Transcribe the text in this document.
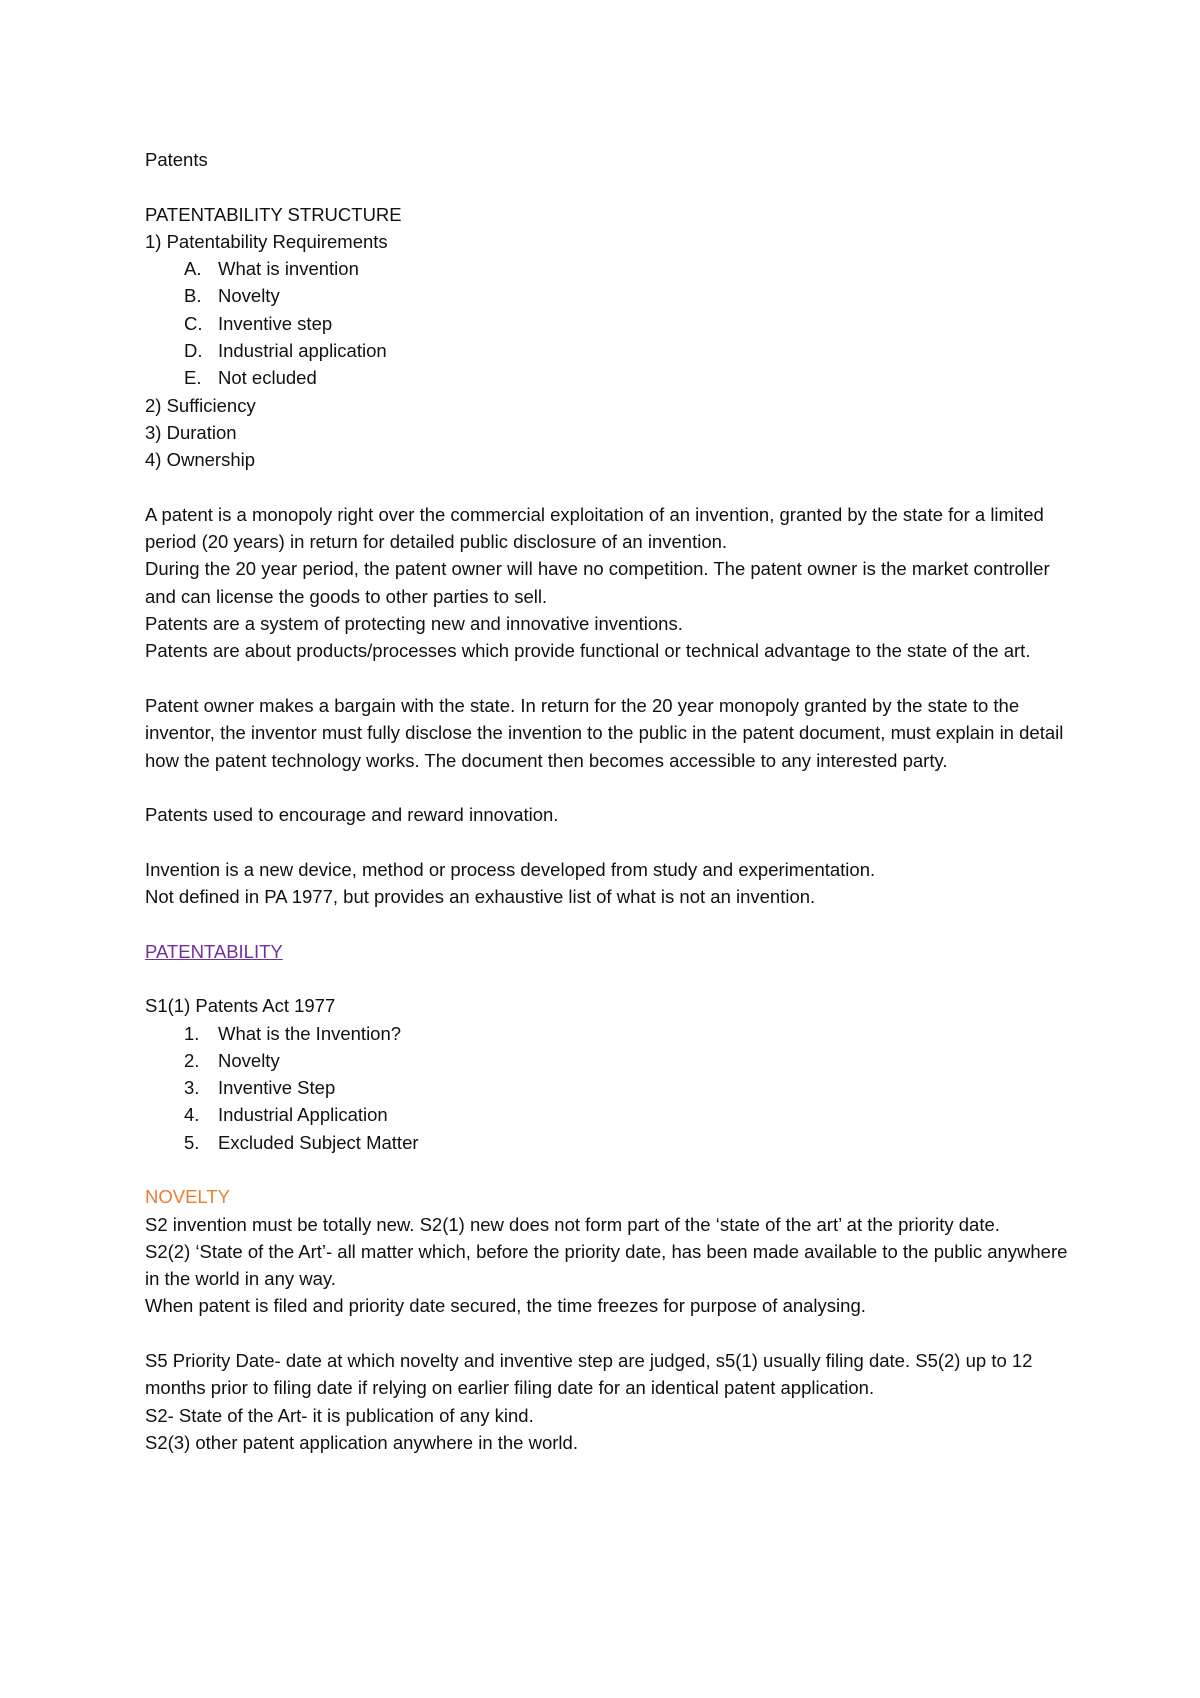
Patents

PATENTABILITY STRUCTURE

1) Patentability Requirements

A. What is invention
B. Novelty
C. Inventive step
D. Industrial application
E. Not ecluded

2) Sufficiency

3) Duration

4) Ownership

A patent is a monopoly right over the commercial exploitation of an invention, granted by the state for a limited period (20 years) in return for detailed public disclosure of an invention.

During the 20 year period, the patent owner will have no competition. The patent owner is the market controller and can license the goods to other parties to sell.

Patents are a system of protecting new and innovative inventions.

Patents are about products/processes which provide functional or technical advantage to the state of the art.

Patent owner makes a bargain with the state. In return for the 20 year monopoly granted by the state to the inventor, the inventor must fully disclose the invention to the public in the patent document, must explain in detail how the patent technology works. The document then becomes accessible to any interested party.

Patents used to encourage and reward innovation.

Invention is a new device, method or process developed from study and experimentation.

Not defined in PA 1977, but provides an exhaustive list of what is not an invention.

PATENTABILITY

S1(1) Patents Act 1977

1.	What is the Invention?
2.	Novelty
3.	Inventive Step
4.	Industrial Application
5.	Excluded Subject Matter

NOVELTY

S2 invention must be totally new. S2(1) new does not form part of the ‘state of the art’ at the priority date.

S2(2) ‘State of the Art’- all matter which, before the priority date, has been made available to the public anywhere in the world in any way.

When patent is filed and priority date secured, the time freezes for purpose of analysing.

S5 Priority Date- date at which novelty and inventive step are judged, s5(1) usually filing date. S5(2) up to 12 months prior to filing date if relying on earlier filing date for an identical patent application.

S2- State of the Art- it is publication of any kind.

S2(3) other patent application anywhere in the world.
